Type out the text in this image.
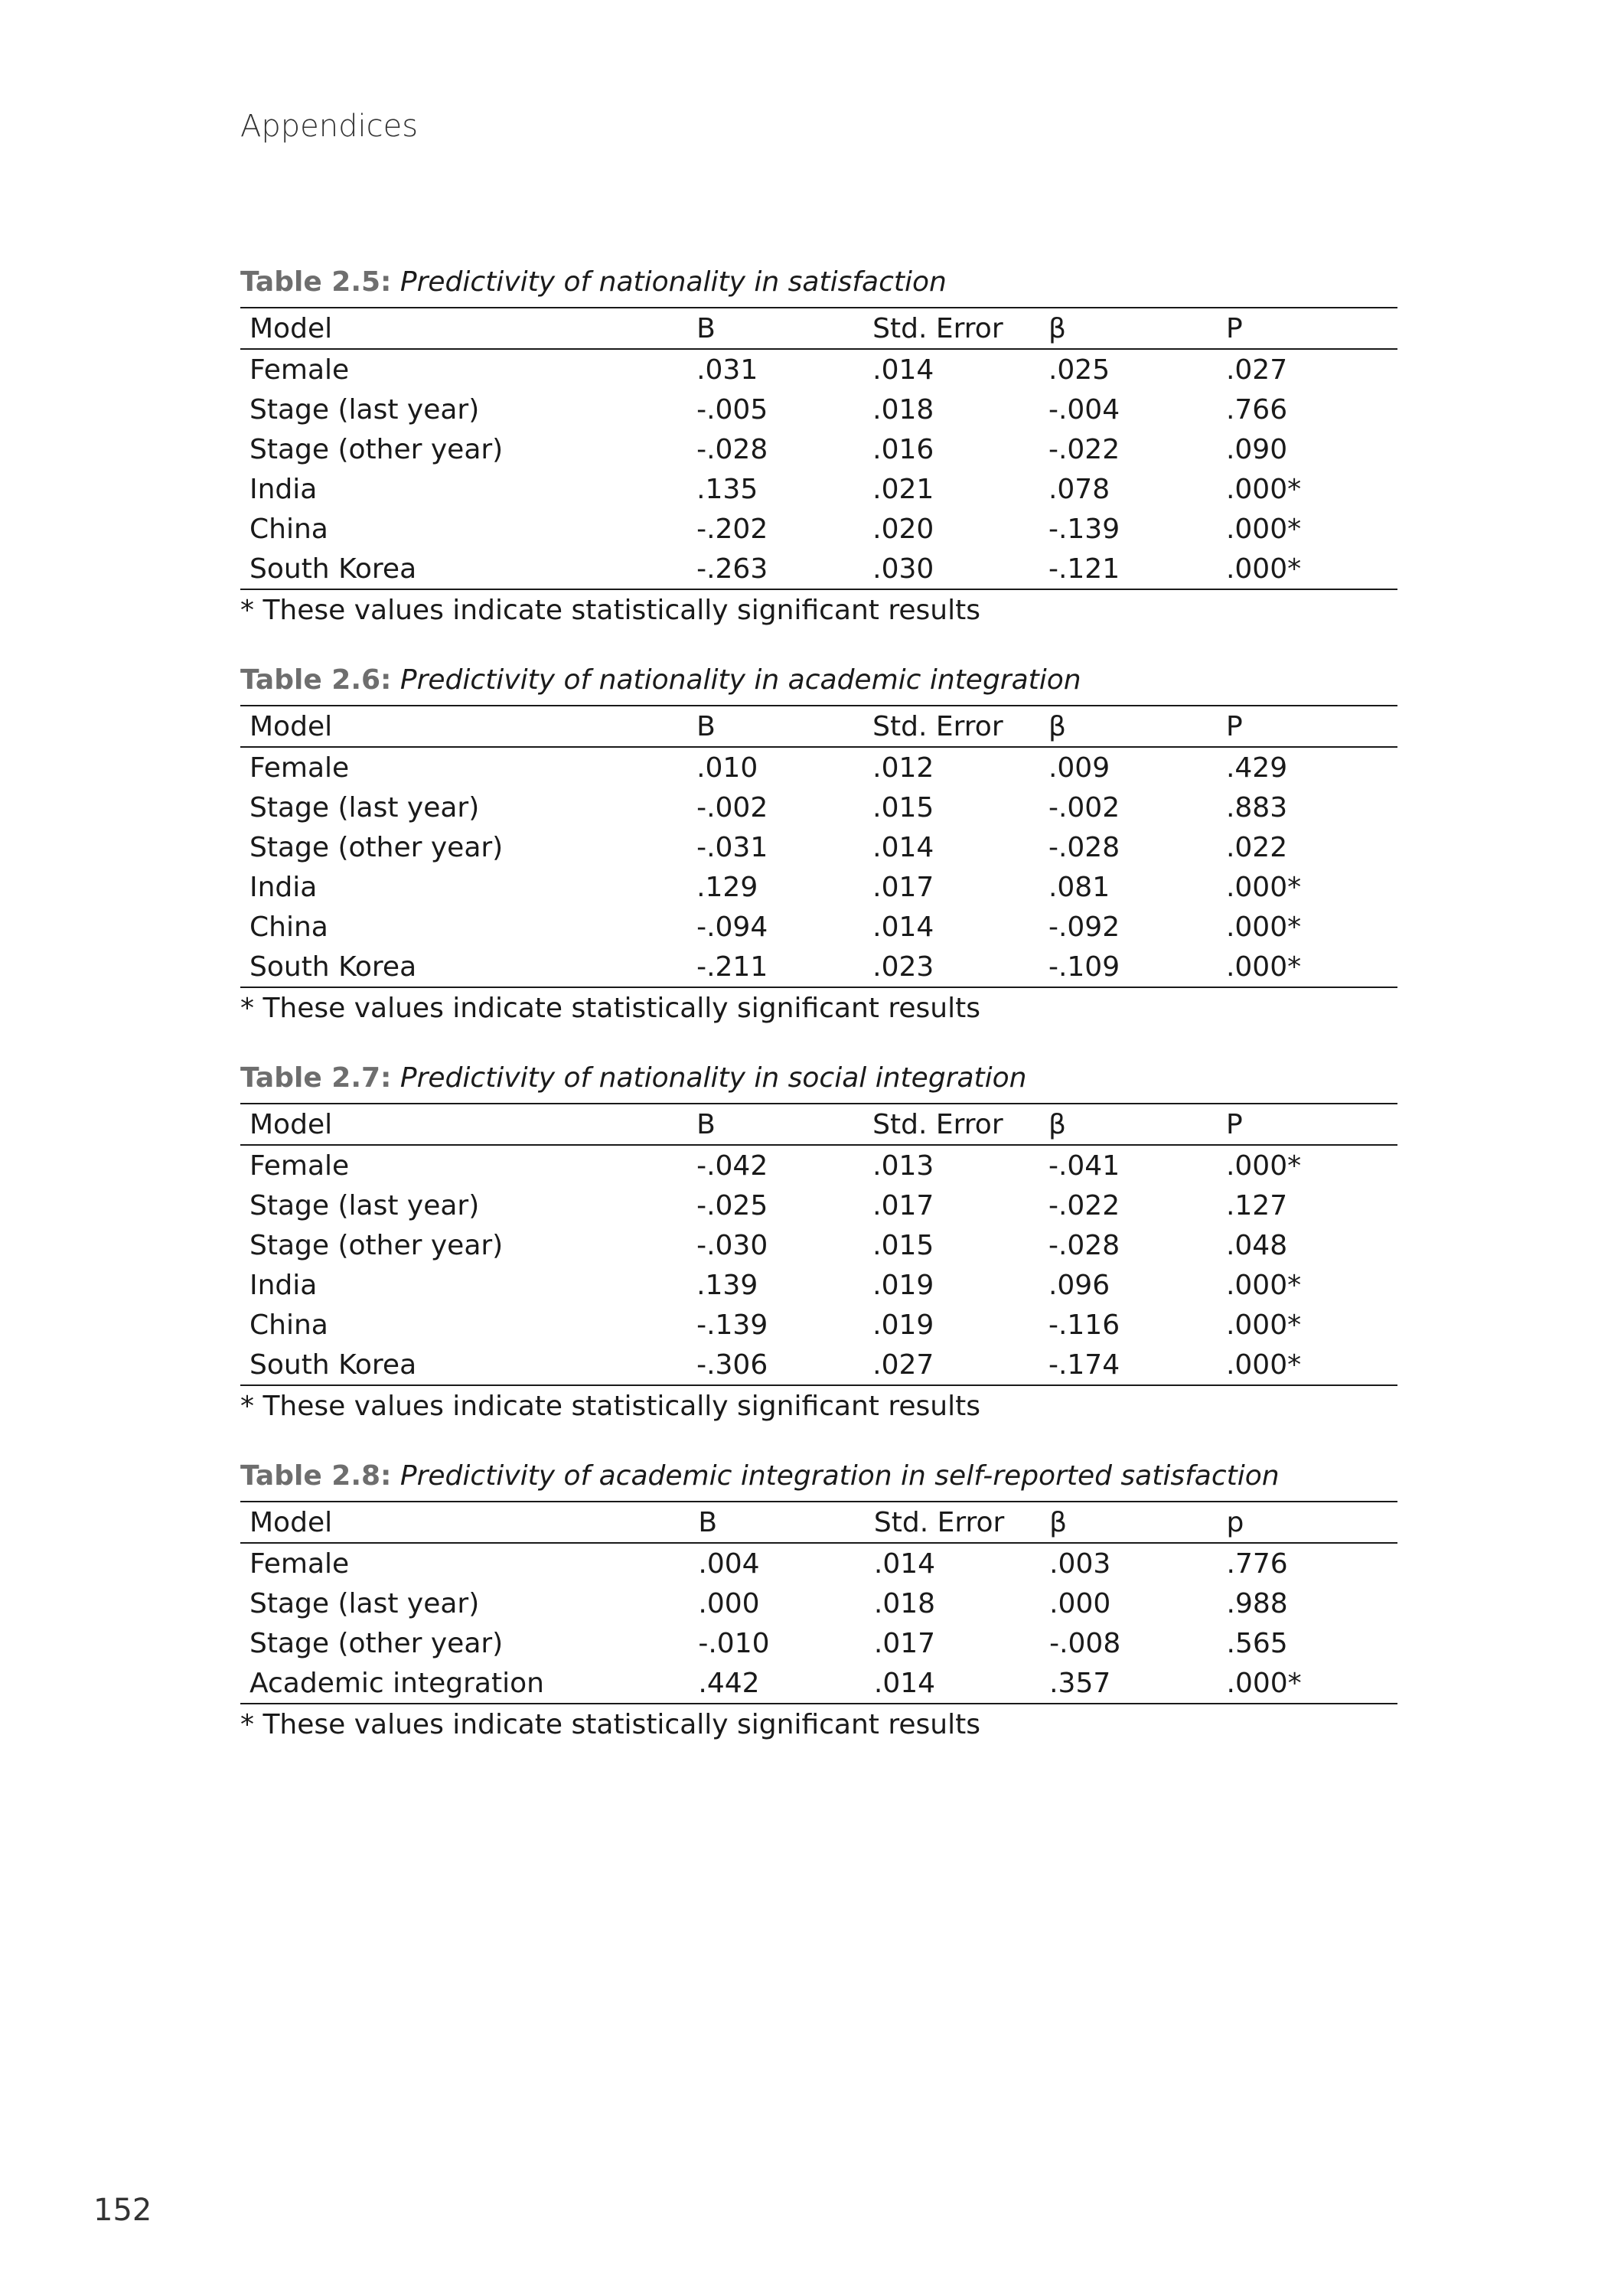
Appendices
Table 2.5: Predictivity of nationality in satisfaction
Model	B	Std. Error	β	P
Female	.031	.014	.025	.027
Stage (last year)	-.005	.018	-.004	.766
Stage (other year)	-.028	.016	-.022	.090
India	.135	.021	.078	.000*
China	-.202	.020	-.139	.000*
South Korea	-.263	.030	-.121	.000*
* These values indicate statistically significant results
Table 2.6: Predictivity of nationality in academic integration
Model	B	Std. Error	β	P
Female	.010	.012	.009	.429
Stage (last year)	-.002	.015	-.002	.883
Stage (other year)	-.031	.014	-.028	.022
India	.129	.017	.081	.000*
China	-.094	.014	-.092	.000*
South Korea	-.211	.023	-.109	.000*
* These values indicate statistically significant results
Table 2.7: Predictivity of nationality in social integration
Model	B	Std. Error	β	P
Female	-.042	.013	-.041	.000*
Stage (last year)	-.025	.017	-.022	.127
Stage (other year)	-.030	.015	-.028	.048
India	.139	.019	.096	.000*
China	-.139	.019	-.116	.000*
South Korea	-.306	.027	-.174	.000*
* These values indicate statistically significant results
Table 2.8: Predictivity of academic integration in self-reported satisfaction
Model	B	Std. Error	β	p
Female	.004	.014	.003	.776
Stage (last year)	.000	.018	.000	.988
Stage (other year)	-.010	.017	-.008	.565
Academic integration	.442	.014	.357	.000*
* These values indicate statistically significant results
152
